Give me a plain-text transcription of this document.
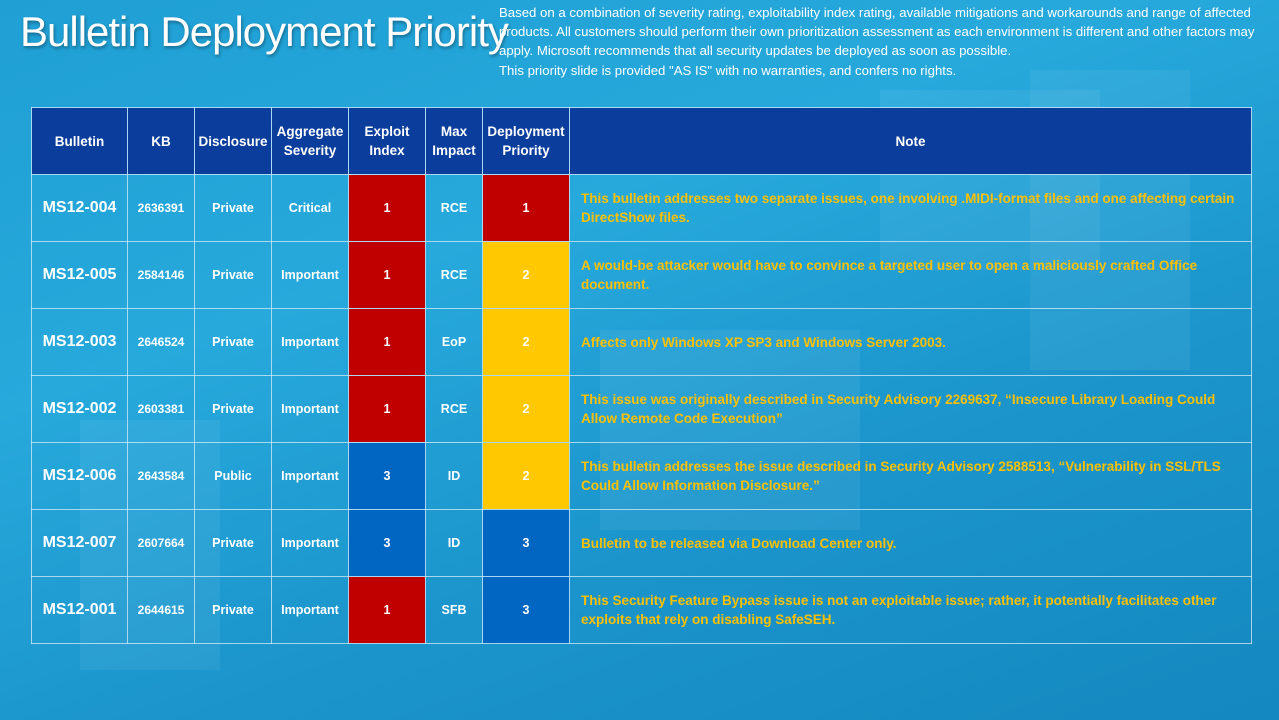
Bulletin Deployment Priority

Based on a combination of severity rating, exploitability index rating, available mitigations and workarounds and range of affected products. All customers should perform their own prioritization assessment as each environment is different and other factors may apply. Microsoft recommends that all security updates be deployed as soon as possible.

This priority slide is provided "AS IS" with no warranties, and confers no rights.

Bulletin	KB	Disclosure	Aggregate Severity	Exploit Index	Max Impact	Deployment Priority	Note
MS12-004	2636391	Private	Critical	1	RCE	1	This bulletin addresses two separate issues, one involving .MIDI-format files and one affecting certain DirectShow files.
MS12-005	2584146	Private	Important	1	RCE	2	A would-be attacker would have to convince a targeted user to open a maliciously crafted Office document.
MS12-003	2646524	Private	Important	1	EoP	2	Affects only Windows XP SP3 and Windows Server 2003.
MS12-002	2603381	Private	Important	1	RCE	2	This issue was originally described in Security Advisory 2269637, “Insecure Library Loading Could Allow Remote Code Execution”
MS12-006	2643584	Public	Important	3	ID	2	This bulletin addresses the issue described in Security Advisory 2588513, “Vulnerability in SSL/TLS Could Allow Information Disclosure.”
MS12-007	2607664	Private	Important	3	ID	3	Bulletin to be released via Download Center only.
MS12-001	2644615	Private	Important	1	SFB	3	This Security Feature Bypass issue is not an exploitable issue; rather, it potentially facilitates other exploits that rely on disabling SafeSEH.
